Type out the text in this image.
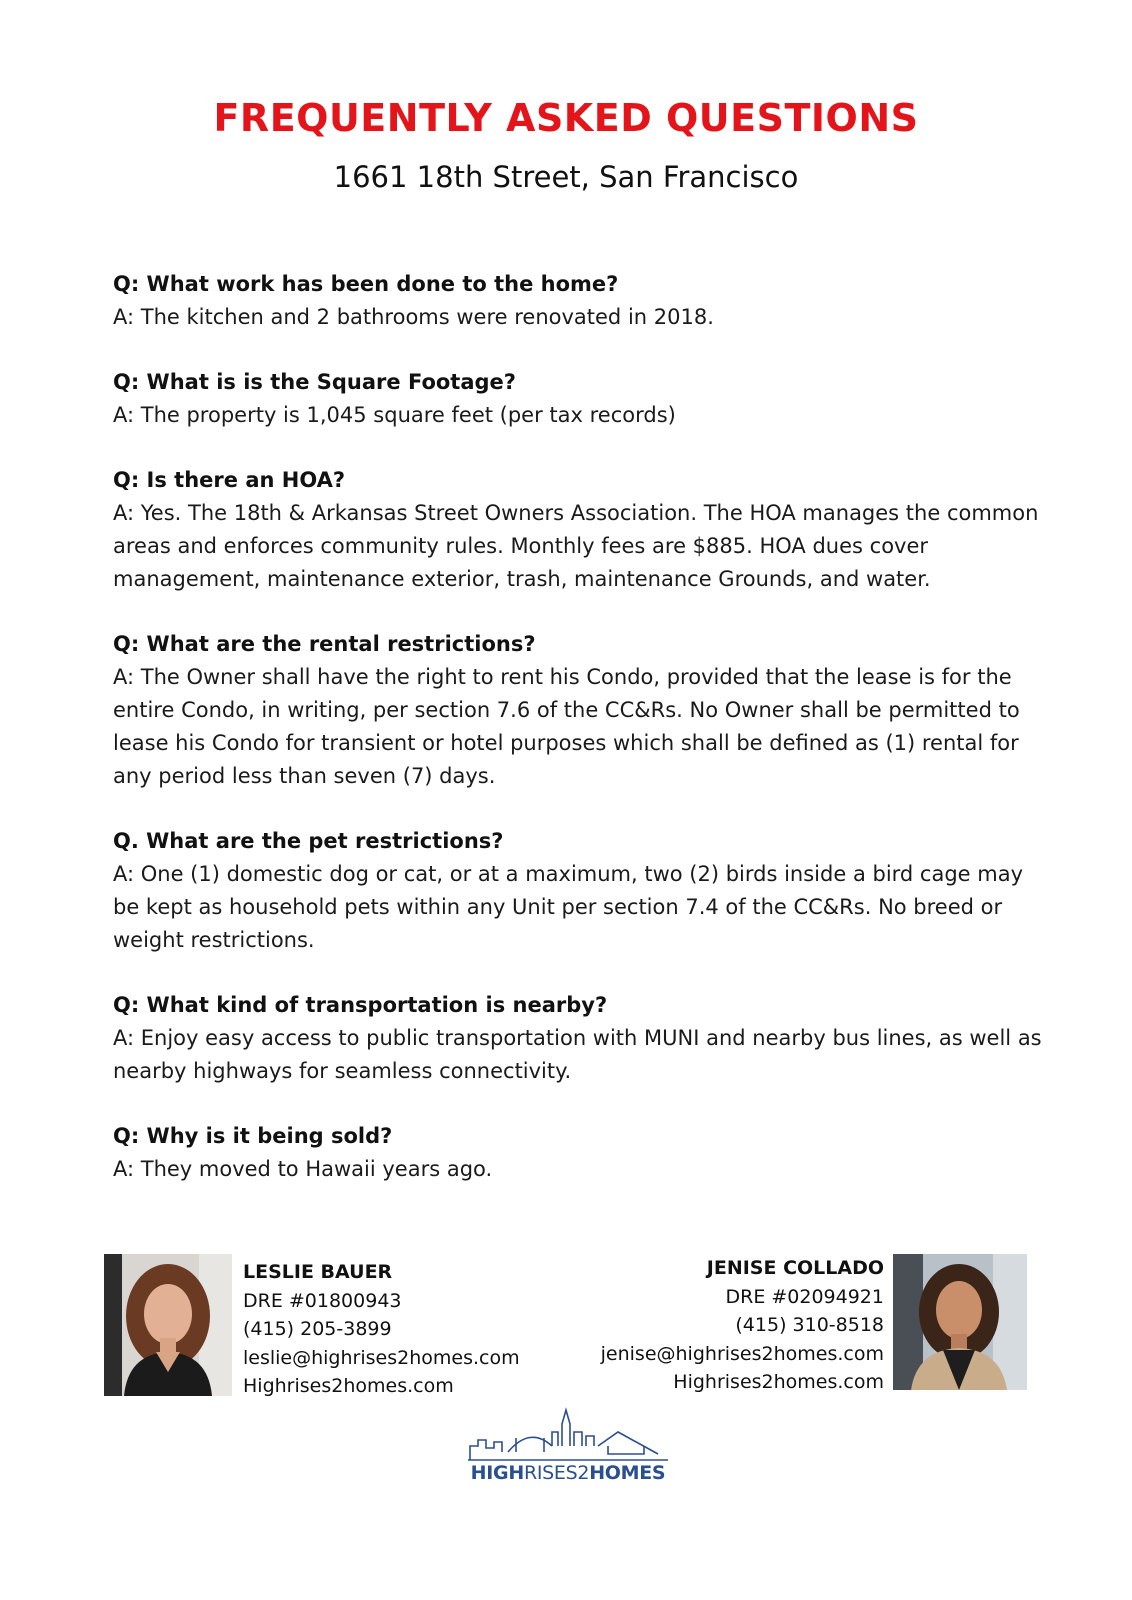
FREQUENTLY ASKED QUESTIONS
1661 18th Street, San Francisco
Q: What work has been done to the home?
A: The kitchen and 2 bathrooms were renovated in 2018.
Q: What is is the Square Footage?
A: The property is 1,045 square feet (per tax records)
Q: Is there an HOA?
A: Yes. The 18th & Arkansas Street Owners Association. The HOA manages the common areas and enforces community rules. Monthly fees are $885. HOA dues cover management, maintenance exterior, trash, maintenance Grounds, and water.
Q: What are the rental restrictions?
A: The Owner shall have the right to rent his Condo, provided that the lease is for the entire Condo, in writing, per section 7.6 of the CC&Rs. No Owner shall be permitted to lease his Condo for transient or hotel purposes which shall be defined as (1) rental for any period less than seven (7) days.
Q. What are the pet restrictions?
A: One (1) domestic dog or cat, or at a maximum, two (2) birds inside a bird cage may be kept as household pets within any Unit per section 7.4 of the CC&Rs. No breed or weight restrictions.
Q: What kind of transportation is nearby?
A: Enjoy easy access to public transportation with MUNI and nearby bus lines, as well as nearby highways for seamless connectivity.
Q: Why is it being sold?
A: They moved to Hawaii years ago.
LESLIE BAUER
DRE #01800943
(415) 205-3899
leslie@highrises2homes.com
Highrises2homes.com
JENISE COLLADO
DRE #02094921
(415) 310-8518
jenise@highrises2homes.com
Highrises2homes.com
HIGHRISES2HOMES
